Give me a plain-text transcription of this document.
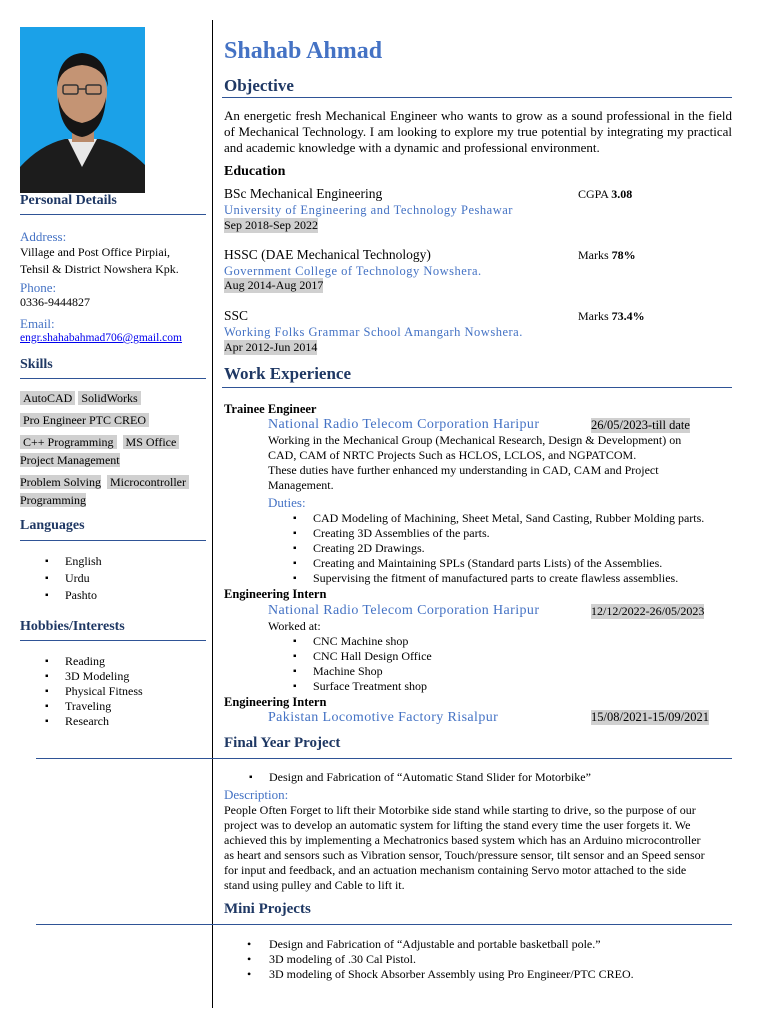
Personal Details
Address:
Village and Post Office Pirpiai,
Tehsil & District Nowshera Kpk.
Phone:
0336-9444827
Email:
engr.shahabahmad706@gmail.com
Skills
AutoCAD SolidWorks
Pro Engineer PTC CREO
C++ Programming MS Office
Project Management
Problem Solving Microcontroller
Programming
Languages
▪ English
▪ Urdu
▪ Pashto
Hobbies/Interests
▪ Reading
▪ 3D Modeling
▪ Physical Fitness
▪ Traveling
▪ Research
Shahab Ahmad
Objective
An energetic fresh Mechanical Engineer who wants to grow as a sound professional in the field of Mechanical Technology. I am looking to explore my true potential by integrating my practical and academic knowledge with a dynamic and professional environment.
Education
BSc Mechanical Engineering	CGPA 3.08
University of Engineering and Technology Peshawar
Sep 2018-Sep 2022
HSSC (DAE Mechanical Technology)	Marks 78%
Government College of Technology Nowshera.
Aug 2014-Aug 2017
SSC	Marks 73.4%
Working Folks Grammar School Amangarh Nowshera.
Apr 2012-Jun 2014
Work Experience
Trainee Engineer
National Radio Telecom Corporation Haripur	26/05/2023-till date
Working in the Mechanical Group (Mechanical Research, Design & Development) on
CAD, CAM of NRTC Projects Such as HCLOS, LCLOS, and NGPATCOM.
These duties have further enhanced my understanding in CAD, CAM and Project
Management.
Duties:
▪ CAD Modeling of Machining, Sheet Metal, Sand Casting, Rubber Molding parts.
▪ Creating 3D Assemblies of the parts.
▪ Creating 2D Drawings.
▪ Creating and Maintaining SPLs (Standard parts Lists) of the Assemblies.
▪ Supervising the fitment of manufactured parts to create flawless assemblies.
Engineering Intern
National Radio Telecom Corporation Haripur	12/12/2022-26/05/2023
Worked at:
▪ CNC Machine shop
▪ CNC Hall Design Office
▪ Machine Shop
▪ Surface Treatment shop
Engineering Intern
Pakistan Locomotive Factory Risalpur	15/08/2021-15/09/2021
Final Year Project
▪ Design and Fabrication of “Automatic Stand Slider for Motorbike”
Description:
People Often Forget to lift their Motorbike side stand while starting to drive, so the purpose of our
project was to develop an automatic system for lifting the stand every time the user forgets it. We
achieved this by implementing a Mechatronics based system which has an Arduino microcontroller
as heart and sensors such as Vibration sensor, Touch/pressure sensor, tilt sensor and an Speed sensor
for input and feedback, and an actuation mechanism containing Servo motor attached to the side
stand using pulley and Cable to lift it.
Mini Projects
• Design and Fabrication of “Adjustable and portable basketball pole.”
• 3D modeling of .30 Cal Pistol.
• 3D modeling of Shock Absorber Assembly using Pro Engineer/PTC CREO.
